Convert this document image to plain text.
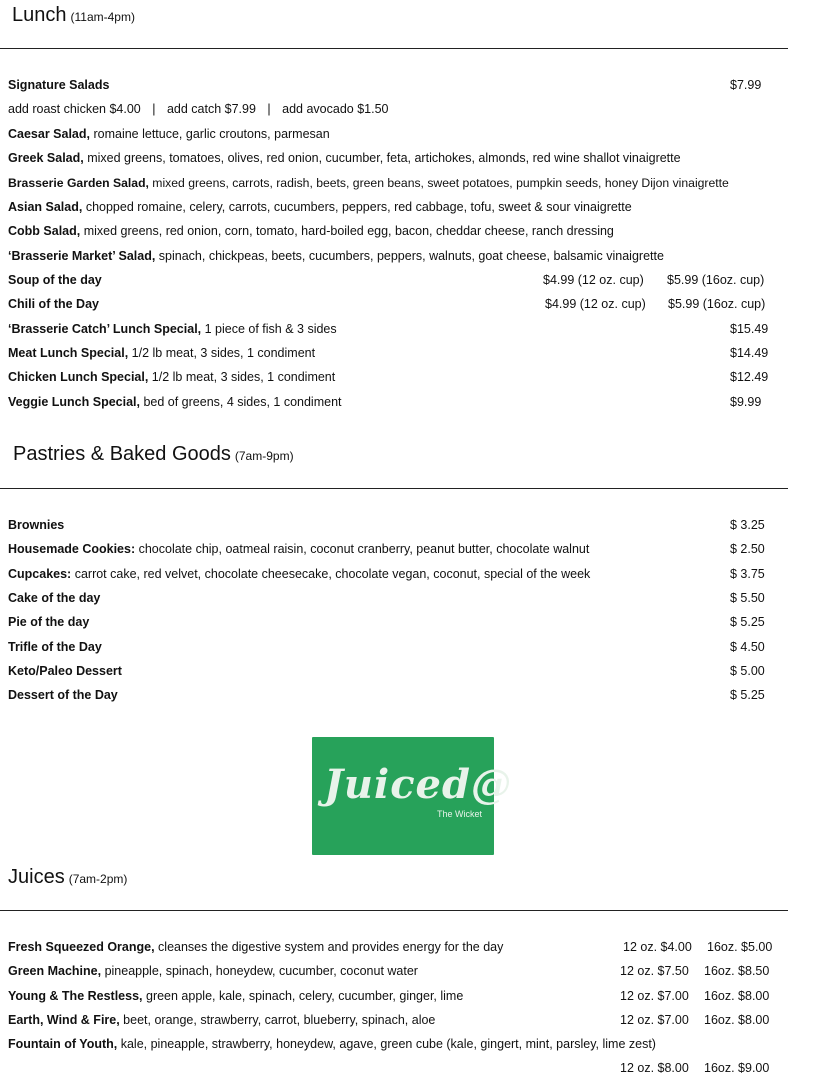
Lunch (11am-4pm)
Signature Salads	$7.99
add roast chicken $4.00 | add catch $7.99 | add avocado $1.50
Caesar Salad, romaine lettuce, garlic croutons, parmesan
Greek Salad, mixed greens, tomatoes, olives, red onion, cucumber, feta, artichokes, almonds, red wine shallot vinaigrette
Brasserie Garden Salad, mixed greens, carrots, radish, beets, green beans, sweet potatoes, pumpkin seeds, honey Dijon vinaigrette
Asian Salad, chopped romaine, celery, carrots, cucumbers, peppers, red cabbage, tofu, sweet & sour vinaigrette
Cobb Salad, mixed greens, red onion, corn, tomato, hard-boiled egg, bacon, cheddar cheese, ranch dressing
‘Brasserie Market’ Salad, spinach, chickpeas, beets, cucumbers, peppers, walnuts, goat cheese, balsamic vinaigrette
Soup of the day	$4.99 (12 oz. cup) $5.99 (16oz. cup)
Chili of the Day	$4.99 (12 oz. cup) $5.99 (16oz. cup)
‘Brasserie Catch’ Lunch Special, 1 piece of fish & 3 sides	$15.49
Meat Lunch Special, 1/2 lb meat, 3 sides, 1 condiment	$14.49
Chicken Lunch Special, 1/2 lb meat, 3 sides, 1 condiment	$12.49
Veggie Lunch Special, bed of greens, 4 sides, 1 condiment	$9.99
Pastries & Baked Goods (7am-9pm)
Brownies	$ 3.25
Housemade Cookies: chocolate chip, oatmeal raisin, coconut cranberry, peanut butter, chocolate walnut	$ 2.50
Cupcakes: carrot cake, red velvet, chocolate cheesecake, chocolate vegan, coconut, special of the week	$ 3.75
Cake of the day	$ 5.50
Pie of the day	$ 5.25
Trifle of the Day	$ 4.50
Keto/Paleo Dessert	$ 5.00
Dessert of the Day	$ 5.25
Juiced@
The Wicket
Juices (7am-2pm)
Fresh Squeezed Orange, cleanses the digestive system and provides energy for the day	12 oz. $4.00 16oz. $5.00
Green Machine, pineapple, spinach, honeydew, cucumber, coconut water	12 oz. $7.50 16oz. $8.50
Young & The Restless, green apple, kale, spinach, celery, cucumber, ginger, lime	12 oz. $7.00 16oz. $8.00
Earth, Wind & Fire, beet, orange, strawberry, carrot, blueberry, spinach, aloe	12 oz. $7.00 16oz. $8.00
Fountain of Youth, kale, pineapple, strawberry, honeydew, agave, green cube (kale, gingert, mint, parsley, lime zest)
12 oz. $8.00 16oz. $9.00
